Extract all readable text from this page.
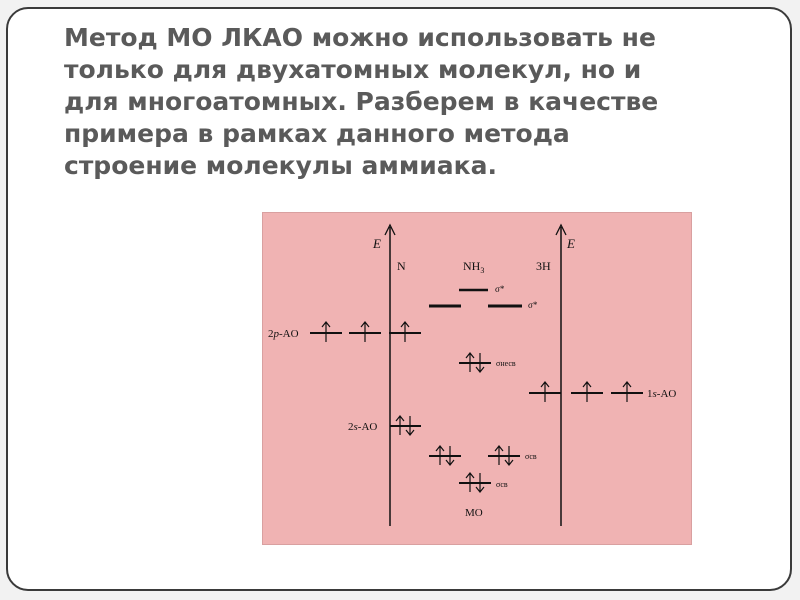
Метод МО ЛКАО можно использовать не
только для двухатомных молекул, но и
для многоатомных. Разберем в качестве
примера в рамках данного метода
строение молекулы аммиака.

E	E
N	$NH_3$	3H
σ*
σ*
2p-AO
σнесв
1s-AO
2s-AO
σсв
σсв
MO
